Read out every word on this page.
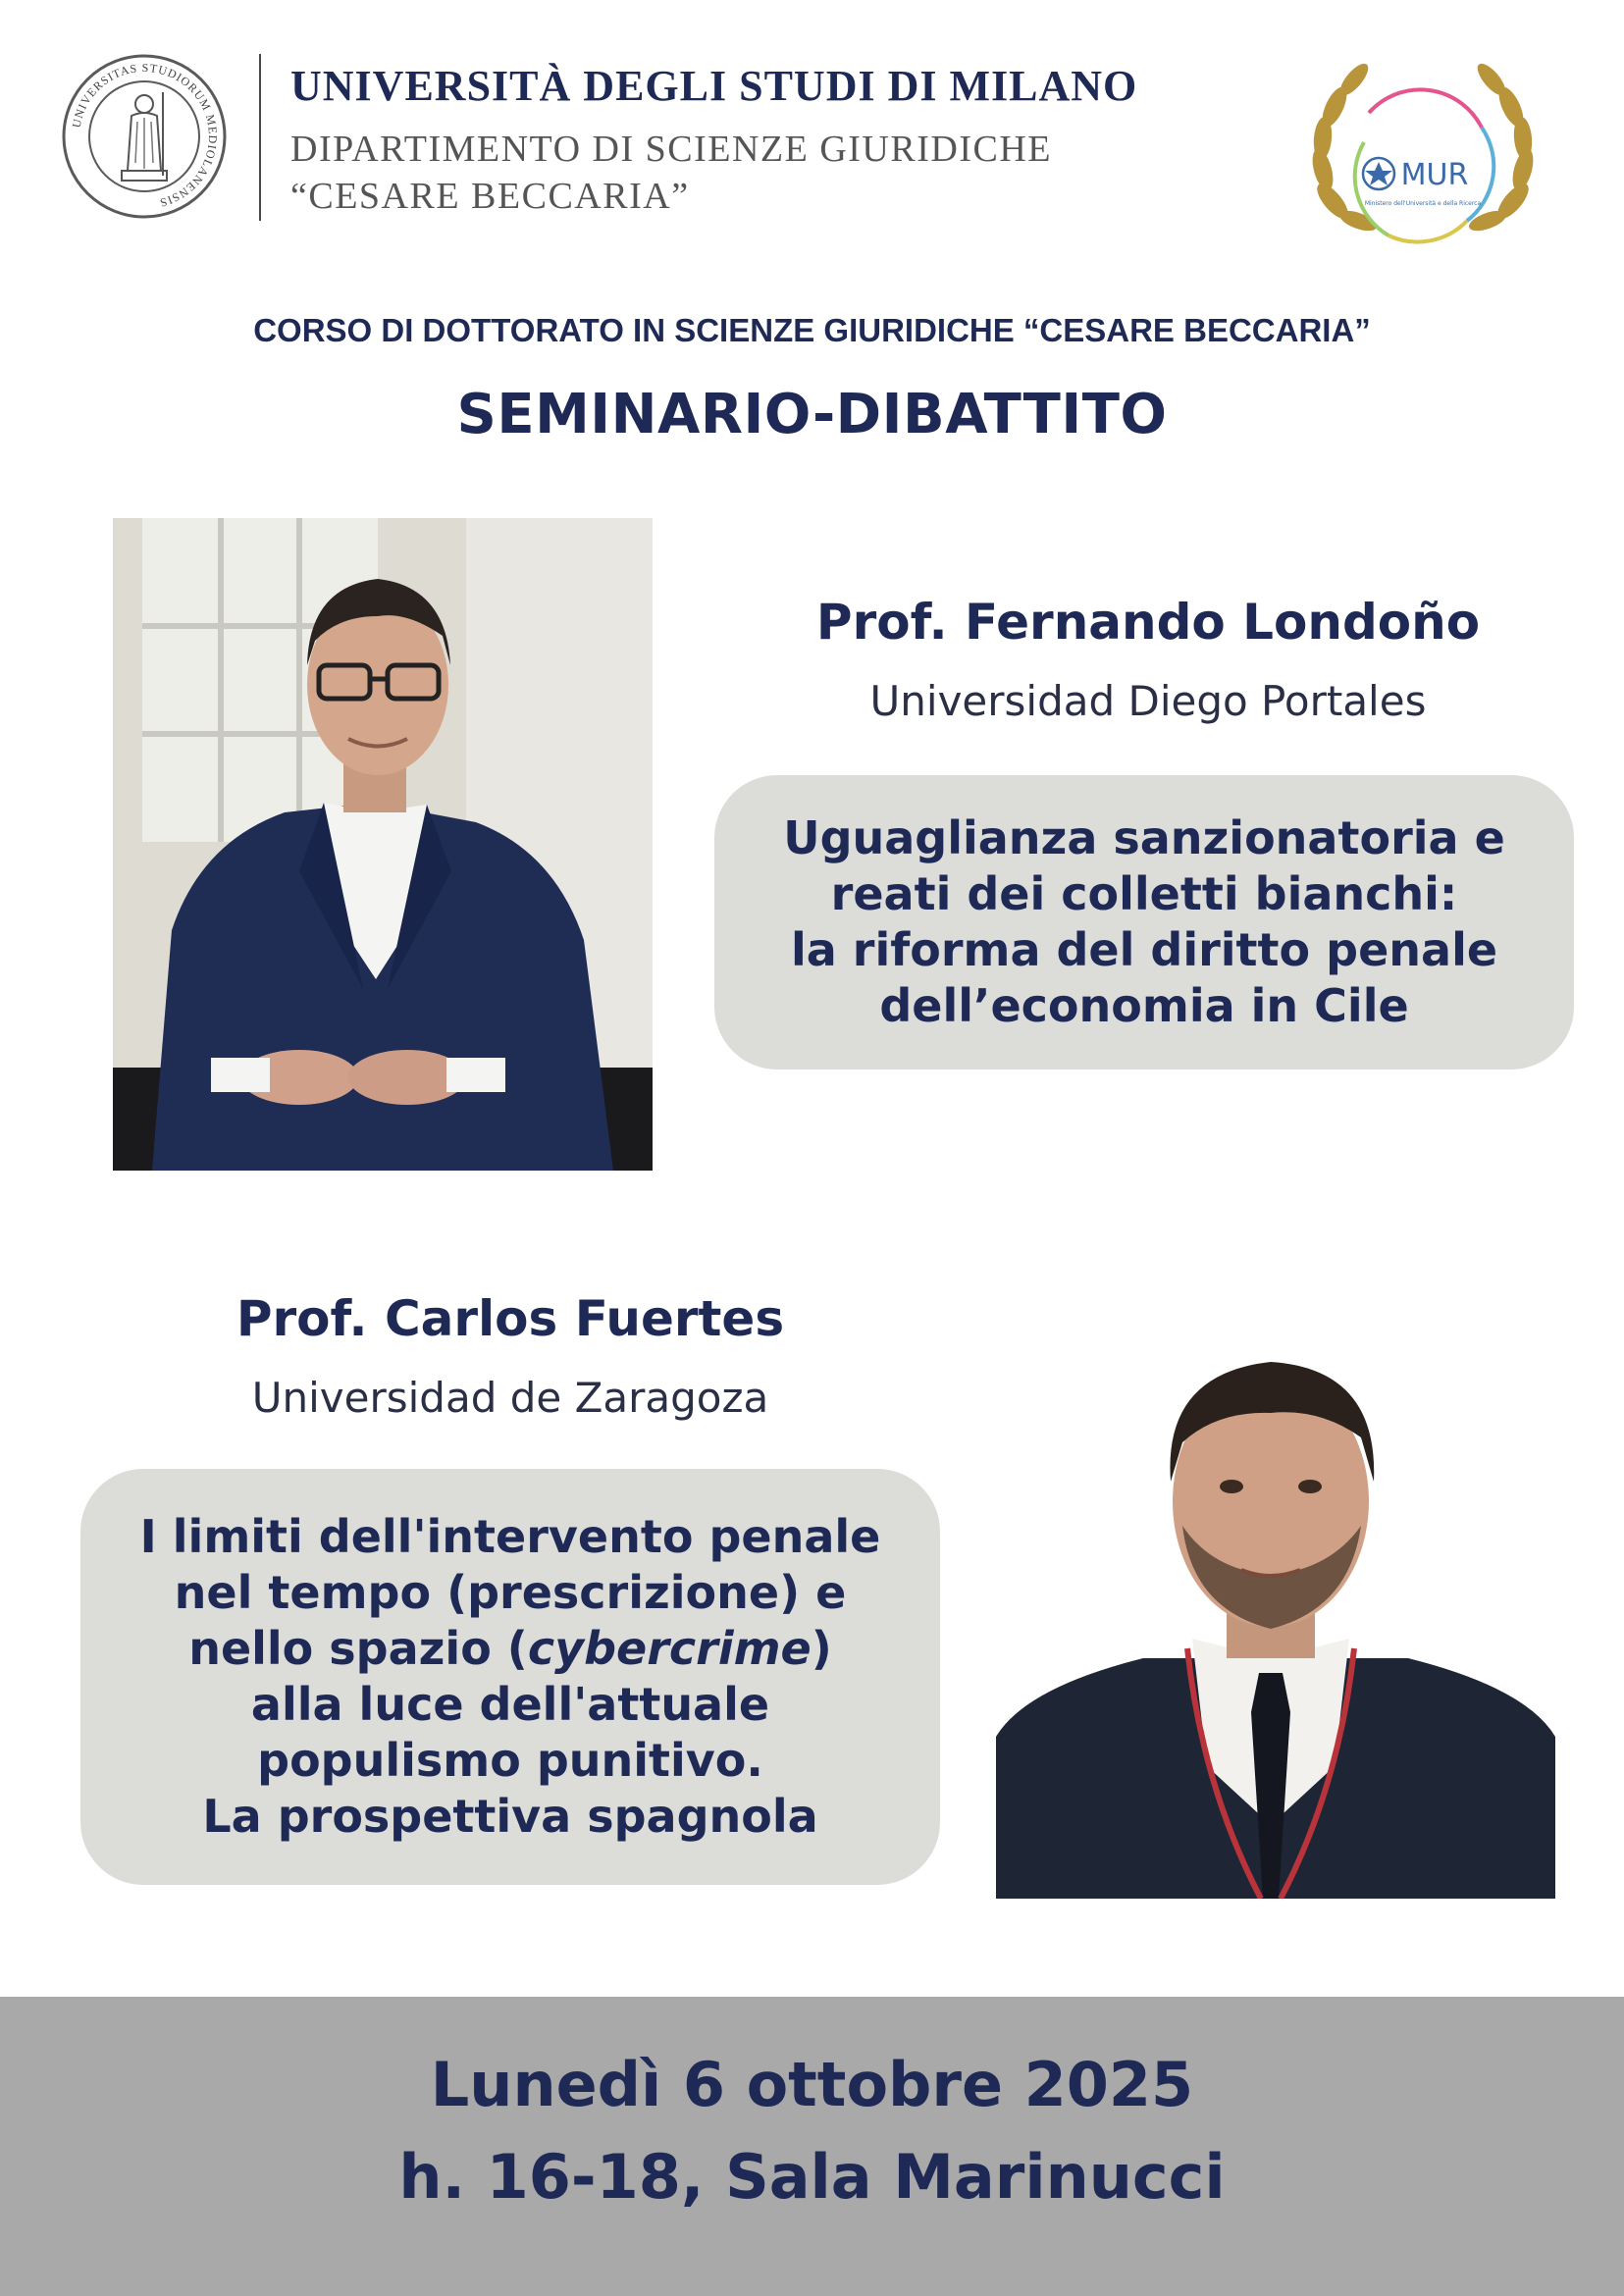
UNIVERSITAS STUDIORUM MEDIOLANENSIS
UNIVERSITÀ DEGLI STUDI DI MILANO
DIPARTIMENTO DI SCIENZE GIURIDICHE
“CESARE BECCARIA”
MUR
Ministero dell'Università e della Ricerca
CORSO DI DOTTORATO IN SCIENZE GIURIDICHE “CESARE BECCARIA”
SEMINARIO-DIBATTITO
Prof. Fernando Londoño
Universidad Diego Portales
Uguaglianza sanzionatoria e
reati dei colletti bianchi:
la riforma del diritto penale
dell’economia in Cile
Prof. Carlos Fuertes
Universidad de Zaragoza
I limiti dell'intervento penale
nel tempo (prescrizione) e
nello spazio (cybercrime)
alla luce dell'attuale
populismo punitivo.
La prospettiva spagnola
Lunedì 6 ottobre 2025
h. 16-18, Sala Marinucci
